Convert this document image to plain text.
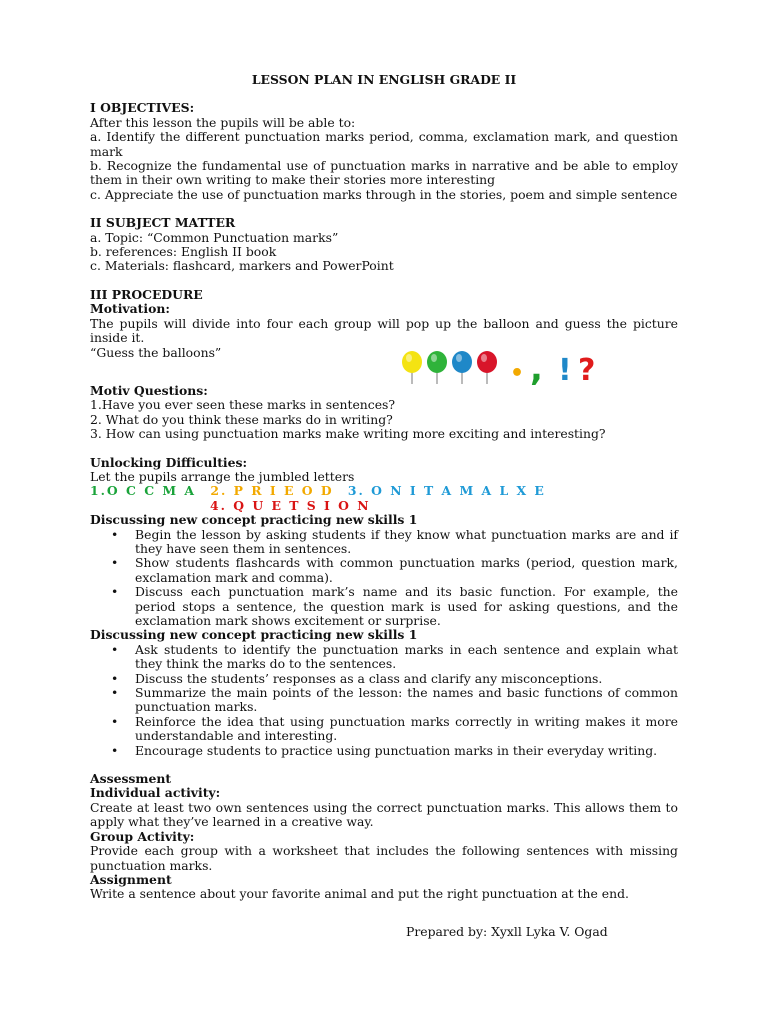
LESSON PLAN IN ENGLISH GRADE II
I OBJECTIVES:
After this lesson the pupils will be able to:
a. Identify the different punctuation marks period, comma, exclamation mark, and question mark
b. Recognize the fundamental use of punctuation marks in narrative and be able to employ them in their own writing to make their stories more interesting
c. Appreciate the use of punctuation marks through in the stories, poem and simple sentence
II SUBJECT MATTER
a. Topic: “Common Punctuation marks”
b. references: English II book
c. Materials: flashcard, markers and PowerPoint
III PROCEDURE
Motivation:
The pupils will divide into four each group will pop up the balloon and guess the picture inside it.
“Guess the balloons”
Motiv Questions:
1.Have you ever seen these marks in sentences?
2. What do you think these marks do in writing?
3. How can using punctuation marks make writing more exciting and interesting?
Unlocking Difficulties:
Let the pupils arrange the jumbled letters
1.O C C M A 2. P R I E O D 3. O N I T A M A L X E
4. Q U E T S I O N
Discussing new concept practicing new skills 1
• Begin the lesson by asking students if they know what punctuation marks are and if they have seen them in sentences.
• Show students flashcards with common punctuation marks (period, question mark, exclamation mark and comma).
• Discuss each punctuation mark’s name and its basic function. For example, the period stops a sentence, the question mark is used for asking questions, and the exclamation mark shows excitement or surprise.
Discussing new concept practicing new skills 1
• Ask students to identify the punctuation marks in each sentence and explain what they think the marks do to the sentences.
• Discuss the students’ responses as a class and clarify any misconceptions.
• Summarize the main points of the lesson: the names and basic functions of common punctuation marks.
• Reinforce the idea that using punctuation marks correctly in writing makes it more understandable and interesting.
• Encourage students to practice using punctuation marks in their everyday writing.
Assessment
Individual activity:
Create at least two own sentences using the correct punctuation marks. This allows them to apply what they’ve learned in a creative way.
Group Activity:
Provide each group with a worksheet that includes the following sentences with missing punctuation marks.
Assignment
Write a sentence about your favorite animal and put the right punctuation at the end.
• , ! ?
Prepared by: Xyxll Lyka V. Ogad
